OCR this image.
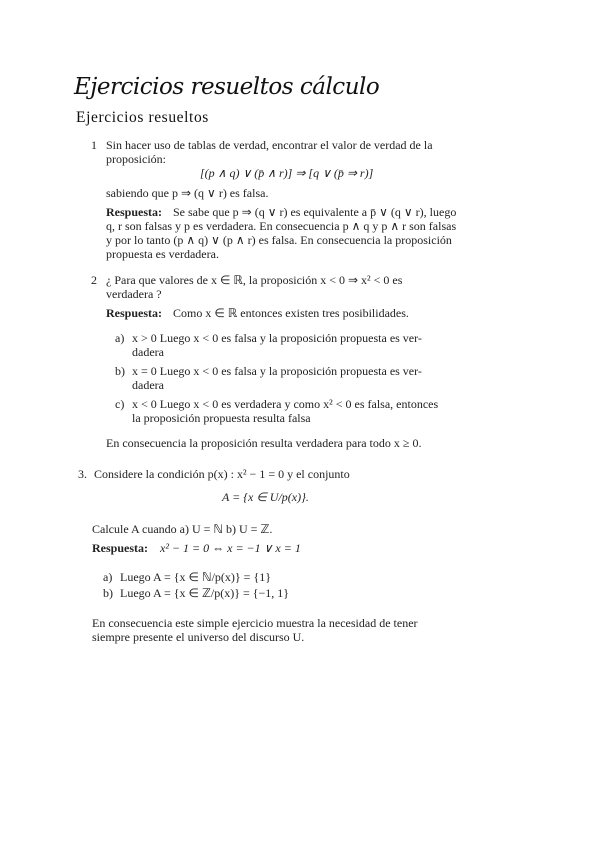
Ejercicios resueltos cálculo
Ejercicios resueltos
1 Sin hacer uso de tablas de verdad, encontrar el valor de verdad de la
proposición:
[(p ∧ q) ∨ (p̄ ∧ r)] ⇒ [q ∨ (p̄ ⇒ r)]
sabiendo que p ⇒ (q ∨ r) es falsa.
Respuesta: Se sabe que p ⇒ (q ∨ r) es equivalente a p̄ ∨ (q ∨ r), luego
q, r son falsas y p es verdadera. En consecuencia p ∧ q y p ∧ r son falsas
y por lo tanto (p ∧ q) ∨ (p ∧ r) es falsa. En consecuencia la proposición
propuesta es verdadera.
2 ¿ Para que valores de x ∈ ℝ, la proposición x < 0 ⇒ x² < 0 es
verdadera ?
Respuesta: Como x ∈ ℝ entonces existen tres posibilidades.
a) x > 0 Luego x < 0 es falsa y la proposición propuesta es ver-
dadera
b) x = 0 Luego x < 0 es falsa y la proposición propuesta es ver-
dadera
c) x < 0 Luego x < 0 es verdadera y como x² < 0 es falsa, entonces
la proposición propuesta resulta falsa
En consecuencia la proposición resulta verdadera para todo x ≥ 0.
3. Considere la condición p(x) : x² − 1 = 0 y el conjunto
A = {x ∈ U/p(x)}.
Calcule A cuando a) U = ℕ b) U = ℤ.
Respuesta: x² − 1 = 0 ⇔ x = −1 ∨ x = 1
a) Luego A = {x ∈ ℕ/p(x)} = {1}
b) Luego A = {x ∈ ℤ/p(x)} = {−1, 1}
En consecuencia este simple ejercicio muestra la necesidad de tener
siempre presente el universo del discurso U.
